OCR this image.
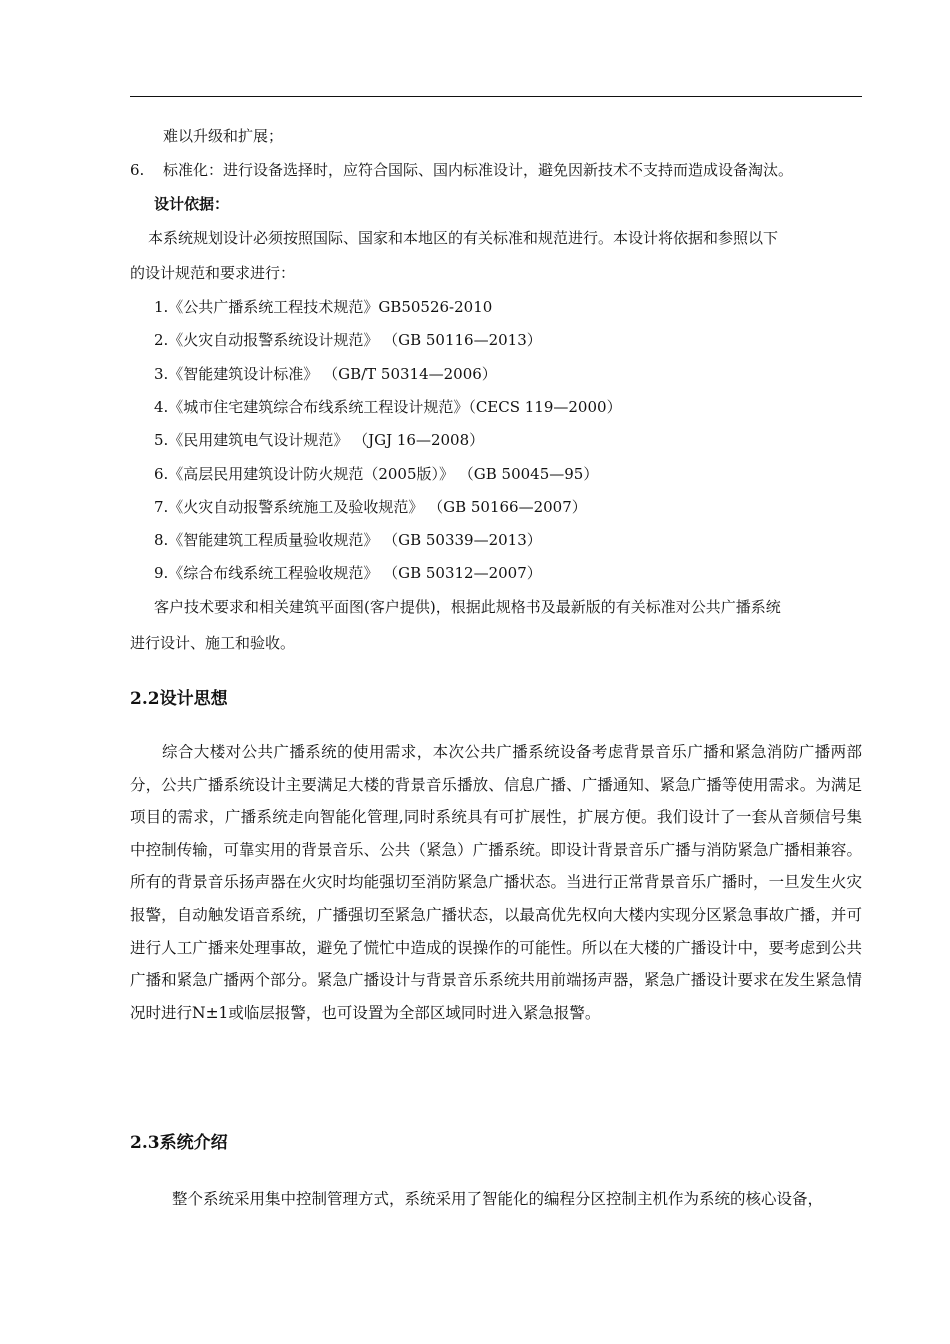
难以升级和扩展；
6. 标准化：进行设备选择时，应符合国际、国内标准设计，避免因新技术不支持而造成设备淘汰。
设计依据：
本系统规划设计必须按照国际、国家和本地区的有关标准和规范进行。本设计将依据和参照以下
的设计规范和要求进行：
1.《公共广播系统工程技术规范》GB50526-2010
2.《火灾自动报警系统设计规范》 （GB 50116—2013）
3.《智能建筑设计标准》 （GB/T 50314—2006）
4.《城市住宅建筑综合布线系统工程设计规范》（CECS 119—2000）
5.《民用建筑电气设计规范》 （JGJ 16—2008）
6.《高层民用建筑设计防火规范（2005版）》 （GB 50045—95）
7.《火灾自动报警系统施工及验收规范》 （GB 50166—2007）
8.《智能建筑工程质量验收规范》 （GB 50339—2013）
9.《综合布线系统工程验收规范》 （GB 50312—2007）
客户技术要求和相关建筑平面图(客户提供)，根据此规格书及最新版的有关标准对公共广播系统
进行设计、施工和验收。
2.2设计思想
综合大楼对公共广播系统的使用需求，本次公共广播系统设备考虑背景音乐广播和紧急消防广播两部分，公共广播系统设计主要满足大楼的背景音乐播放、信息广播、广播通知、紧急广播等使用需求。为满足项目的需求，广播系统走向智能化管理,同时系统具有可扩展性，扩展方便。我们设计了一套从音频信号集中控制传输，可靠实用的背景音乐、公共（紧急）广播系统。即设计背景音乐广播与消防紧急广播相兼容。所有的背景音乐扬声器在火灾时均能强切至消防紧急广播状态。当进行正常背景音乐广播时，一旦发生火灾报警，自动触发语音系统，广播强切至紧急广播状态，以最高优先权向大楼内实现分区紧急事故广播，并可进行人工广播来处理事故，避免了慌忙中造成的误操作的可能性。所以在大楼的广播设计中，要考虑到公共广播和紧急广播两个部分。紧急广播设计与背景音乐系统共用前端扬声器，紧急广播设计要求在发生紧急情况时进行N±1或临层报警，也可设置为全部区域同时进入紧急报警。
2.3系统介绍
整个系统采用集中控制管理方式，系统采用了智能化的编程分区控制主机作为系统的核心设备，
